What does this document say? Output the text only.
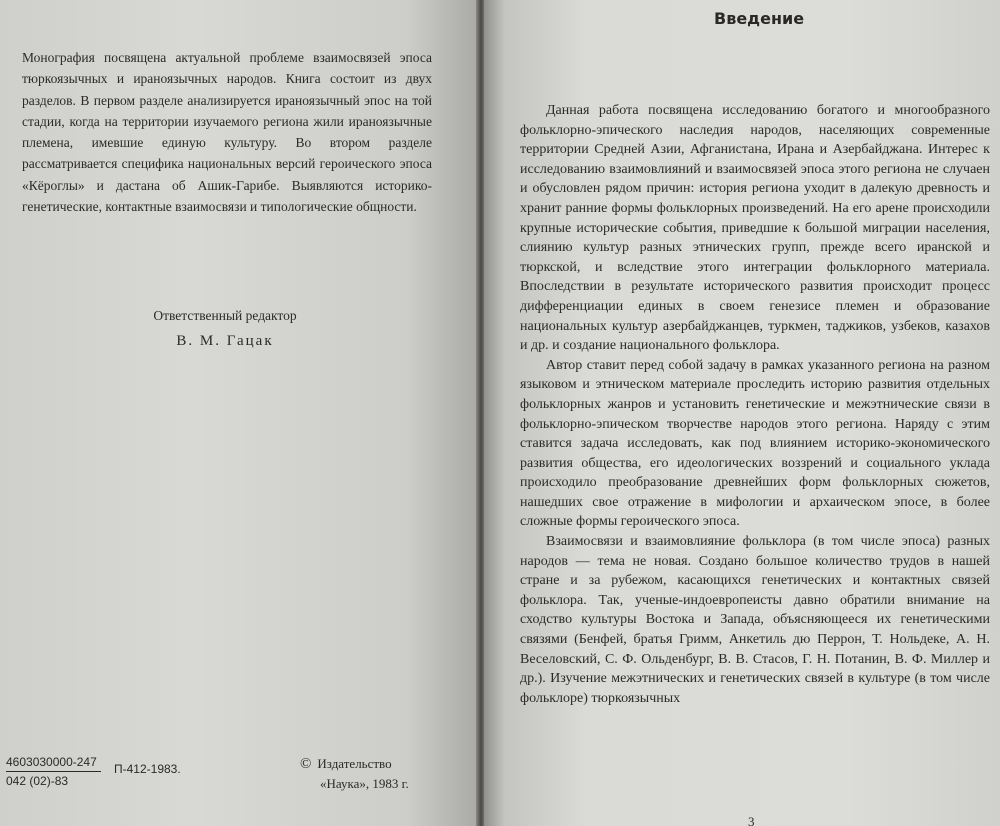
Монография посвящена актуальной проблеме взаимосвязей эпоса тюркоязычных и ираноязычных народов. Книга состоит из двух разделов. В первом разделе анализируется ираноязычный эпос на той стадии, когда на территории изучаемого региона жили ираноязычные племена, имевшие единую культуру. Во втором разделе рассматривается специфика национальных версий героического эпоса «Кёроглы» и дастана об Ашик-Гарибе. Выявляются историко-генетические, контактные взаимосвязи и типологические общности.

Ответственный редактор
В. М. Гацак
4603030000-247
042 (02)-83
П-412-1983.	© Издательство
«Наука», 1983 г.
Введение

Данная работа посвящена исследованию богатого и многообразного фольклорно-эпического наследия народов, населяющих современные территории Средней Азии, Афганистана, Ирана и Азербайджана. Интерес к исследованию взаимовлияний и взаимосвязей эпоса этого региона не случаен и обусловлен рядом причин: история региона уходит в далекую древность и хранит ранние формы фольклорных произведений. На его арене происходили крупные исторические события, приведшие к большой миграции населения, слиянию культур разных этнических групп, прежде всего иранской и тюркской, и вследствие этого интеграции фольклорного материала. Впоследствии в результате исторического развития происходит процесс дифференциации единых в своем генезисе племен и образование национальных культур азербайджанцев, туркмен, таджиков, узбеков, казахов и др. и создание национального фольклора.

Автор ставит перед собой задачу в рамках указанного региона на разном языковом и этническом материале проследить историю развития отдельных фольклорных жанров и установить генетические и межэтнические связи в фольклорно-эпическом творчестве народов этого региона. Наряду с этим ставится задача исследовать, как под влиянием историко-экономического развития общества, его идеологических воззрений и социального уклада происходило преобразование древнейших форм фольклорных сюжетов, нашедших свое отражение в мифологии и архаическом эпосе, в более сложные формы героического эпоса.

Взаимосвязи и взаимовлияние фольклора (в том числе эпоса) разных народов — тема не новая. Создано большое количество трудов в нашей стране и за рубежом, касающихся генетических и контактных связей фольклора. Так, ученые-индоевропеисты давно обратили внимание на сходство культуры Востока и Запада, объясняющееся их генетическими связями (Бенфей, братья Гримм, Анкетиль дю Перрон, Т. Нольдеке, А. Н. Веселовский, С. Ф. Ольденбург, В. В. Стасов, Г. Н. Потанин, В. Ф. Миллер и др.). Изучение межэтнических и генетических связей в культуре (в том числе фольклоре) тюркоязычных

3
